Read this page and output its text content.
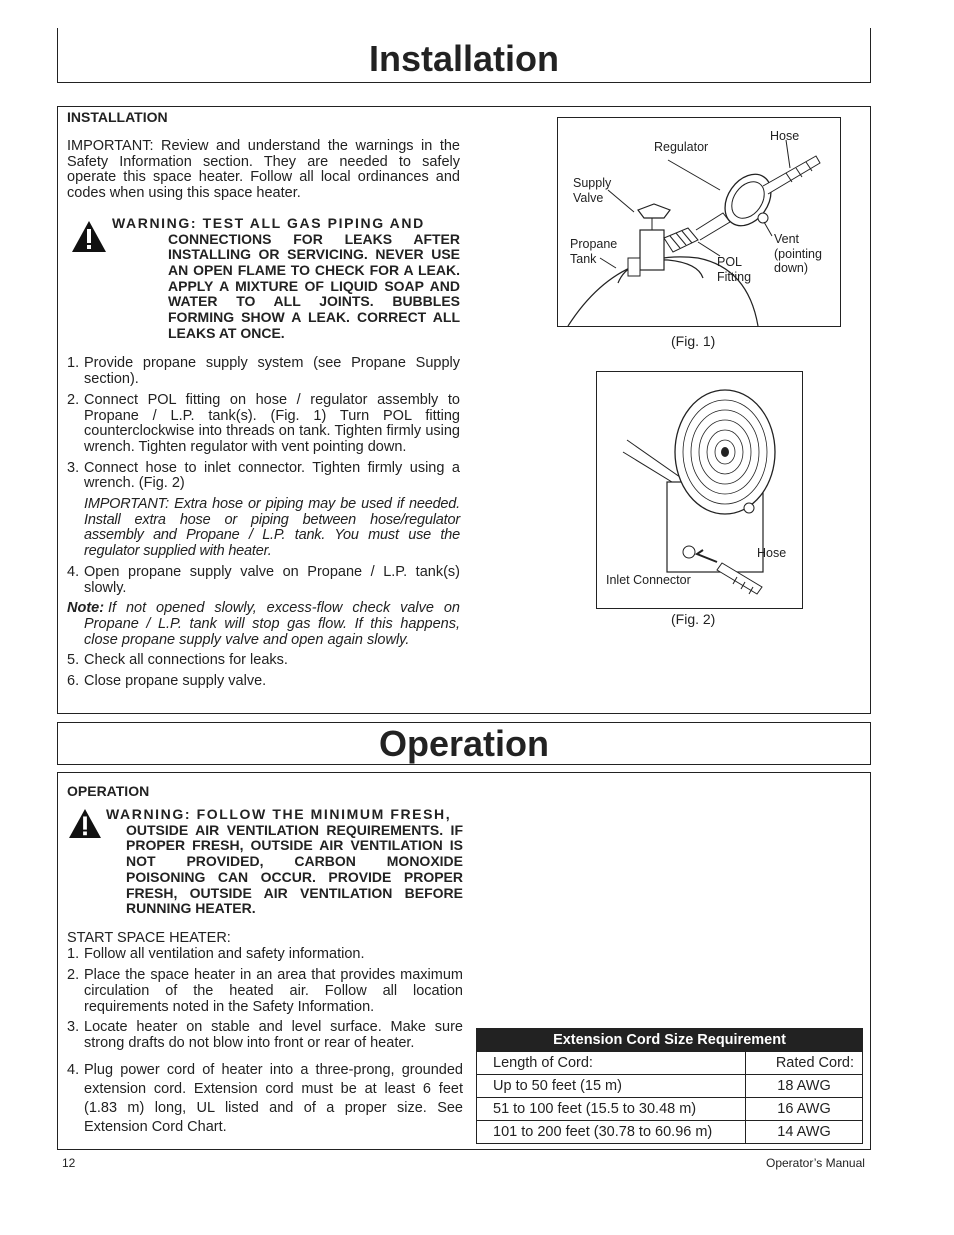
Installation
INSTALLATION
IMPORTANT: Review and understand the warnings in the Safety Information section. They are needed to safely operate this space heater. Follow all local ordinances and codes when using this space heater.
WARNING: TEST ALL GAS PIPING AND
CONNECTIONS FOR LEAKS AFTER INSTALLING OR SERVICING. NEVER USE AN OPEN FLAME TO CHECK FOR A LEAK. APPLY A MIXTURE OF LIQUID SOAP AND WATER TO ALL JOINTS. BUBBLES FORMING SHOW A LEAK. CORRECT ALL LEAKS AT ONCE.
1. Provide propane supply system (see Propane Supply section).
2. Connect POL fitting on hose / regulator assembly to Propane / L.P. tank(s). (Fig. 1) Turn POL fitting counterclockwise into threads on tank. Tighten firmly using wrench. Tighten regulator with vent pointing down.
3. Connect hose to inlet connector. Tighten firmly using a wrench. (Fig. 2)
IMPORTANT: Extra hose or piping may be used if needed. Install extra hose or piping between hose/regulator assembly and Propane / L.P. tank. You must use the regulator supplied with heater.
4. Open propane supply valve on Propane / L.P. tank(s) slowly.
Note: If not opened slowly, excess-flow check valve on Propane / L.P. tank will stop gas flow. If this happens, close propane supply valve and open again slowly.
5. Check all connections for leaks.
6. Close propane supply valve.
Hose
Regulator
Supply
Valve
Propane
Tank	POL
Fitting
Vent
(pointing
down)
(Fig. 1)
Hose
Inlet Connector
(Fig. 2)
Operation
OPERATION
WARNING: FOLLOW THE MINIMUM FRESH,
OUTSIDE AIR VENTILATION REQUIREMENTS. IF PROPER FRESH, OUTSIDE AIR VENTILATION IS NOT PROVIDED, CARBON MONOXIDE POISONING CAN OCCUR. PROVIDE PROPER FRESH, OUTSIDE AIR VENTILATION BEFORE RUNNING HEATER.
START SPACE HEATER:
1. Follow all ventilation and safety information.
2. Place the space heater in an area that provides maximum circulation of the heated air. Follow all location requirements noted in the Safety Information.
3. Locate heater on stable and level surface. Make sure strong drafts do not blow into front or rear of heater.
4. Plug power cord of heater into a three-prong, grounded extension cord. Extension cord must be at least 6 feet (1.83 m) long, UL listed and of a proper size. See Extension Cord Chart.
Extension Cord Size Requirement	
Length of Cord:	Rated Cord:
Up to 50 feet (15 m)	18 AWG
51 to 100 feet (15.5 to 30.48 m)	16 AWG
101 to 200 feet (30.78 to 60.96 m)	14 AWG
12	Operator’s Manual
